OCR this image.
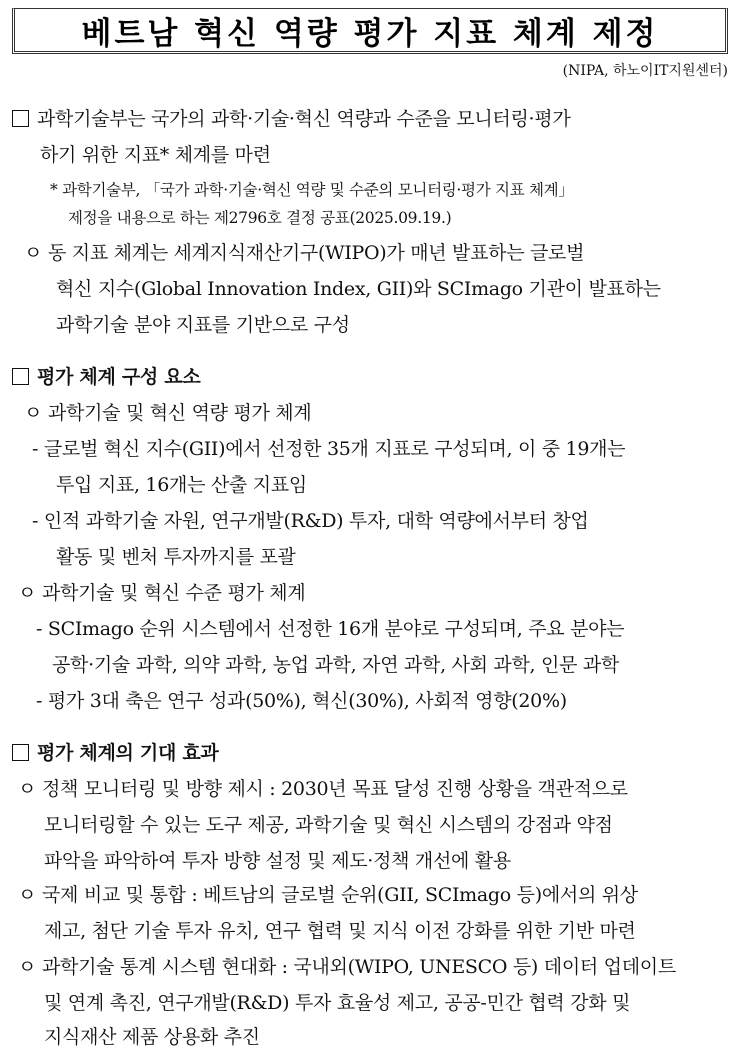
베트남 혁신 역량 평가 지표 체계 제정
(NIPA, 하노이IT지원센터)
과학기술부는 국가의 과학·기술·혁신 역량과 수준을 모니터링·평가
하기 위한 지표* 체계를 마련
* 과학기술부, 「국가 과학·기술·혁신 역량 및 수준의 모니터링·평가 지표 체계」
제정을 내용으로 하는 제2796호 결정 공표(2025.09.19.)
ㅇ 동 지표 체계는 세계지식재산기구(WIPO)가 매년 발표하는 글로벌
혁신 지수(Global Innovation Index, GII)와 SCImago 기관이 발표하는
과학기술 분야 지표를 기반으로 구성
평가 체계 구성 요소
ㅇ 과학기술 및 혁신 역량 평가 체계
- 글로벌 혁신 지수(GII)에서 선정한 35개 지표로 구성되며, 이 중 19개는
투입 지표, 16개는 산출 지표임
- 인적 과학기술 자원, 연구개발(R&D) 투자, 대학 역량에서부터 창업
활동 및 벤처 투자까지를 포괄
ㅇ 과학기술 및 혁신 수준 평가 체계
- SCImago 순위 시스템에서 선정한 16개 분야로 구성되며, 주요 분야는
공학·기술 과학, 의약 과학, 농업 과학, 자연 과학, 사회 과학, 인문 과학
- 평가 3대 축은 연구 성과(50%), 혁신(30%), 사회적 영향(20%)
평가 체계의 기대 효과
ㅇ 정책 모니터링 및 방향 제시 : 2030년 목표 달성 진행 상황을 객관적으로
모니터링할 수 있는 도구 제공, 과학기술 및 혁신 시스템의 강점과 약점
파악을 파악하여 투자 방향 설정 및 제도·정책 개선에 활용
ㅇ 국제 비교 및 통합 : 베트남의 글로벌 순위(GII, SCImago 등)에서의 위상
제고, 첨단 기술 투자 유치, 연구 협력 및 지식 이전 강화를 위한 기반 마련
ㅇ 과학기술 통계 시스템 현대화 : 국내외(WIPO, UNESCO 등) 데이터 업데이트
및 연계 촉진, 연구개발(R&D) 투자 효율성 제고, 공공-민간 협력 강화 및
지식재산 제품 상용화 추진
